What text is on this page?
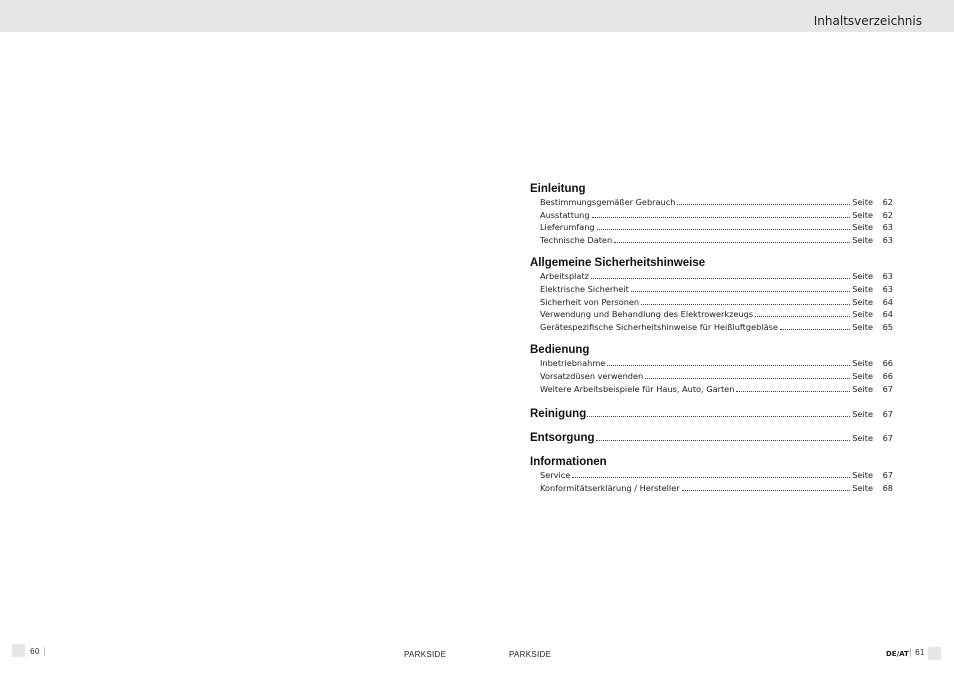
Inhaltsverzeichnis
Einleitung
Bestimmungsgemäßer Gebrauch	Seite	62
Ausstattung	Seite	62
Lieferumfang	Seite	63
Technische Daten	Seite	63
Allgemeine Sicherheitshinweise
Arbeitsplatz	Seite	63
Elektrische Sicherheit	Seite	63
Sicherheit von Personen	Seite	64
Verwendung und Behandlung des Elektrowerkzeugs	Seite	64
Gerätespezifische Sicherheitshinweise für Heißluftgebläse	Seite	65
Bedienung
Inbetriebnahme	Seite	66
Vorsatzdüsen verwenden	Seite	66
Weitere Arbeitsbeispiele für Haus, Auto, Garten	Seite	67
Reinigung	Seite	67
Entsorgung	Seite	67
Informationen
Service	Seite	67
Konformitätserklärung / Hersteller	Seite	68
60	PARKSIDE	PARKSIDE	DE/AT 61
